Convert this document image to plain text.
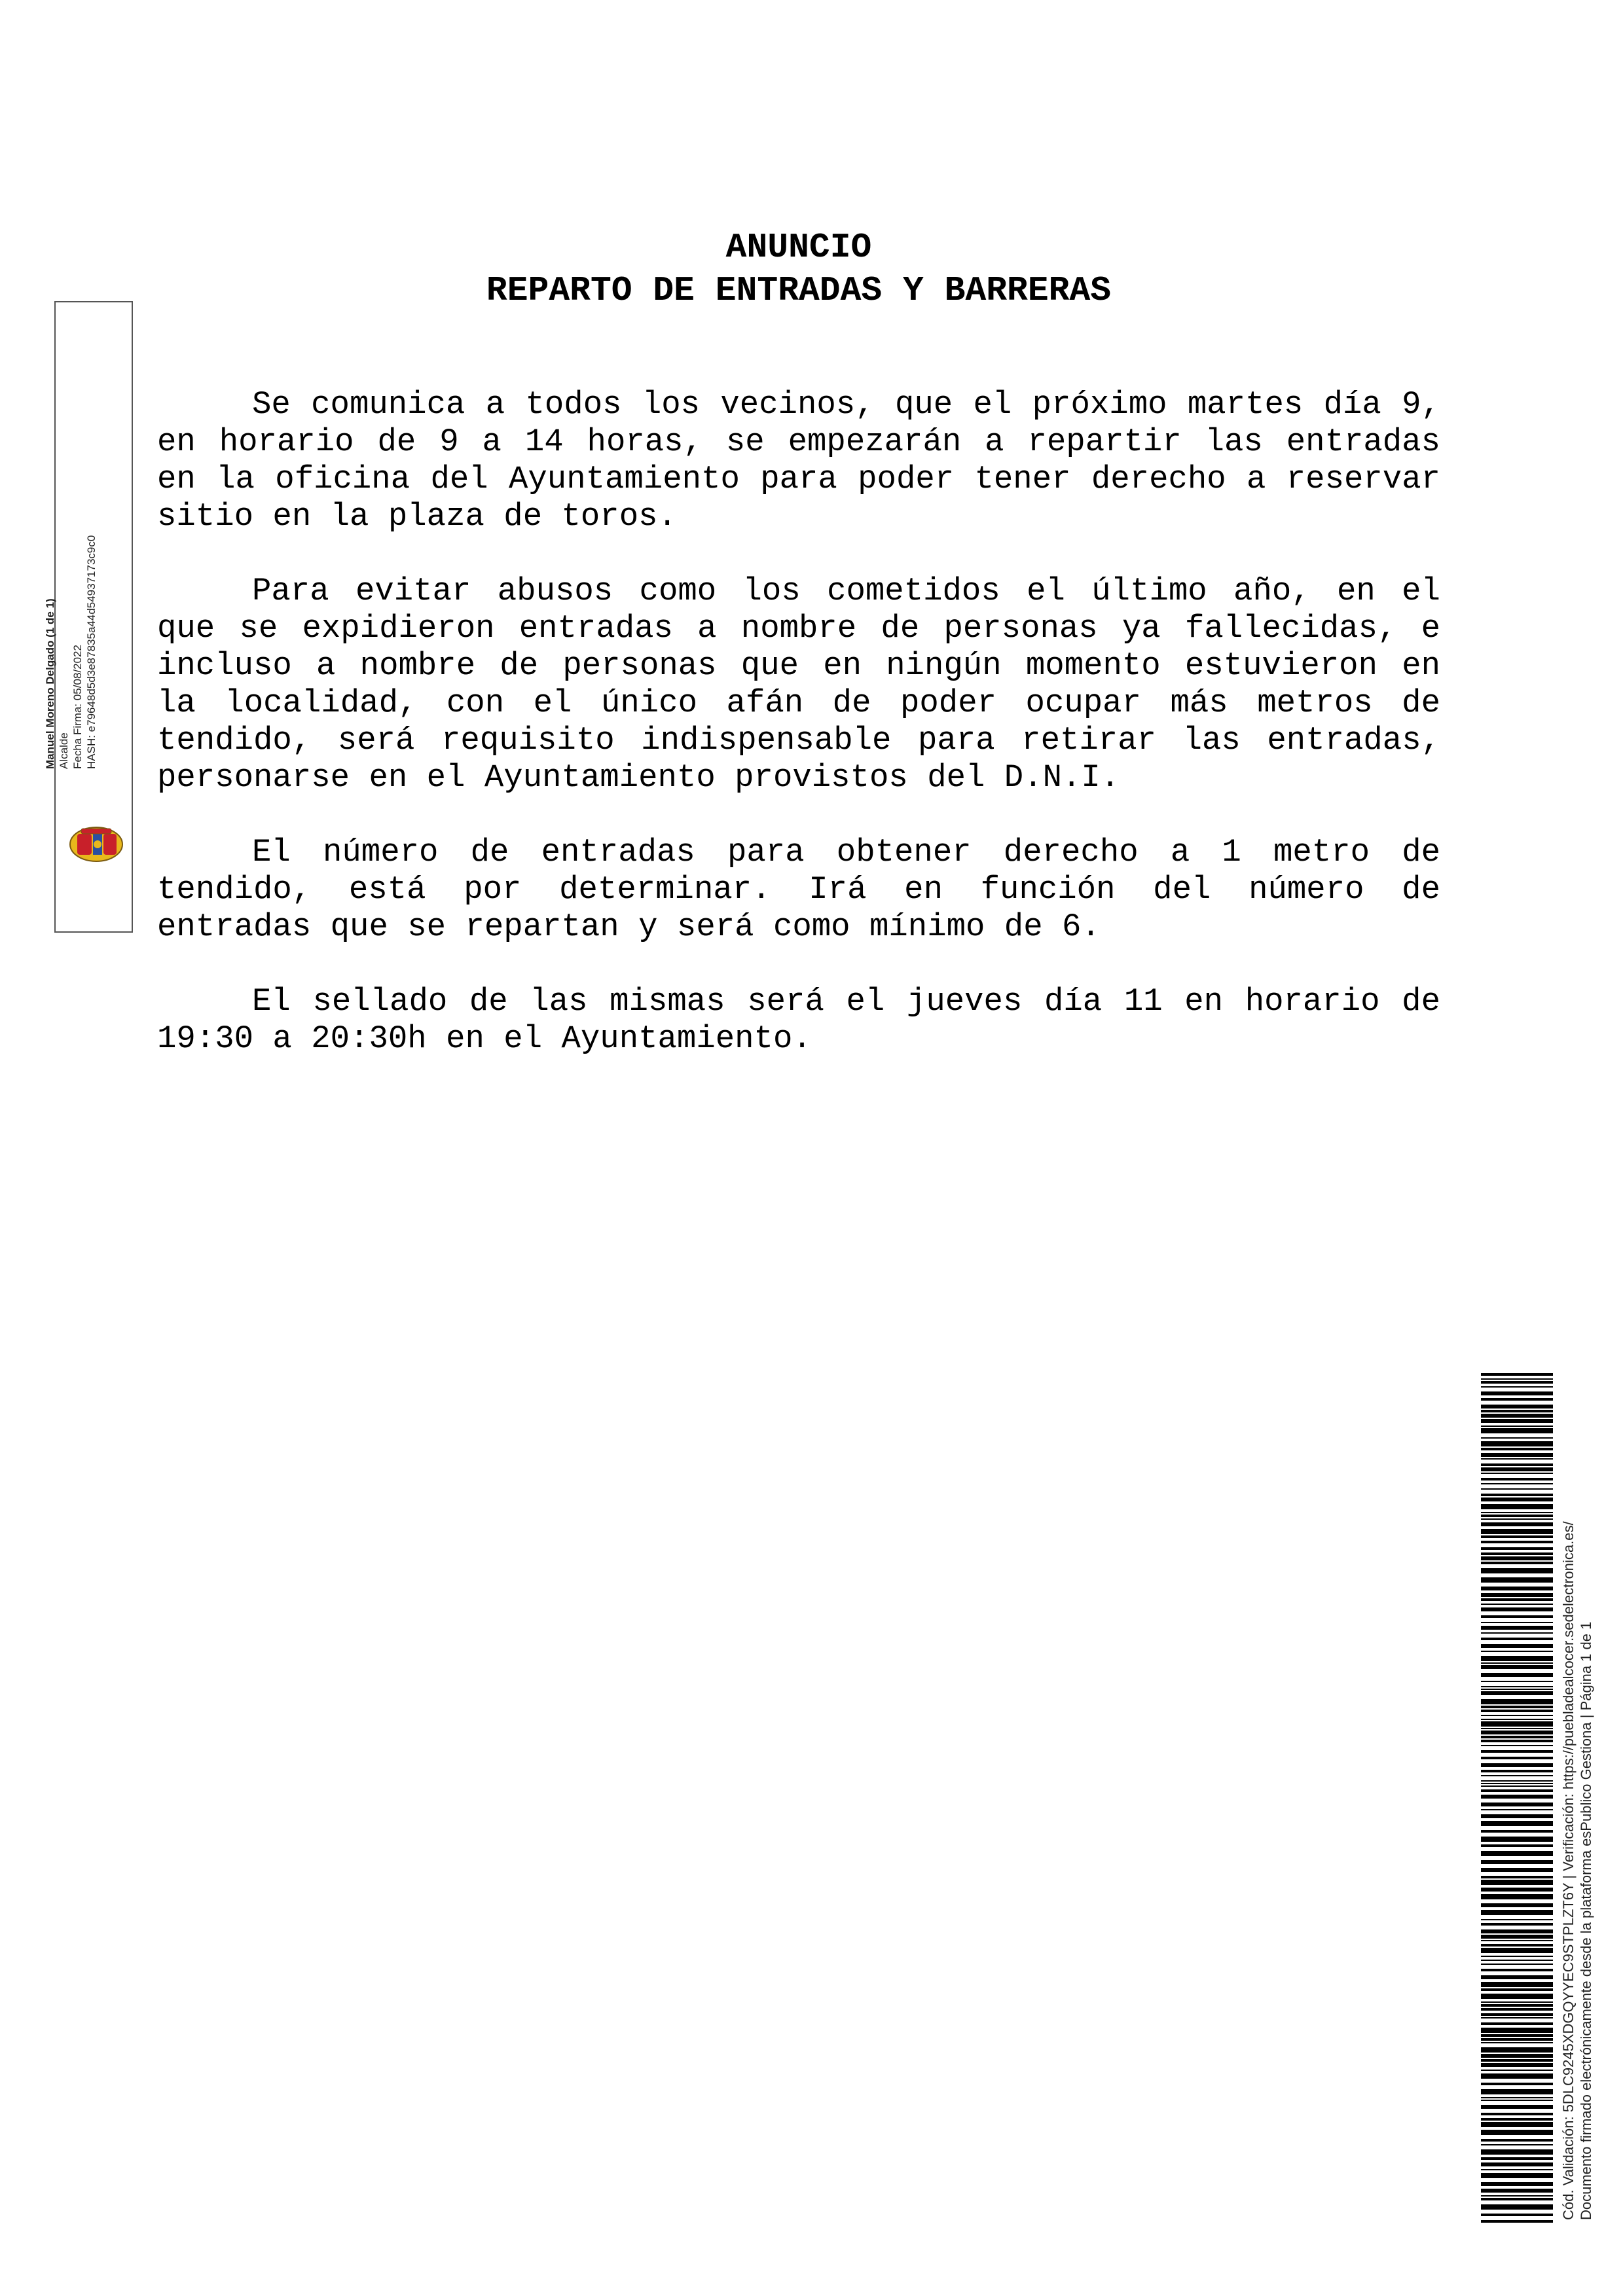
ANUNCIO
REPARTO DE ENTRADAS Y BARRERAS

Se comunica a todos los vecinos, que el próximo martes día 9, en horario de 9 a 14 horas, se empezarán a repartir las entradas en la oficina del Ayuntamiento para poder tener derecho a reservar sitio en la plaza de toros.

Para evitar abusos como los cometidos el último año, en el que se expidieron entradas a nombre de personas ya fallecidas, e incluso a nombre de personas que en ningún momento estuvieron en la localidad, con el único afán de poder ocupar más metros de tendido, será requisito indispensable para retirar las entradas, personarse en el Ayuntamiento provistos del D.N.I.

El número de entradas para obtener derecho a 1 metro de tendido, está por determinar. Irá en función del número de entradas que se repartan y será como mínimo de 6.

El sellado de las mismas será el jueves día 11 en horario de 19:30 a 20:30h en el Ayuntamiento.

Manuel Moreno Delgado (1 de 1) Alcalde Fecha Firma: 05/08/2022 HASH: e79648d5d3e87835a44d54937173c9c0
Cód. Validación: 5DLC9245XDGQYYEC9STPLZT6Y | Verificación: https://puebladealcocer.sedelectronica.es/ Documento firmado electrónicamente desde la plataforma esPublico Gestiona | Página 1 de 1
